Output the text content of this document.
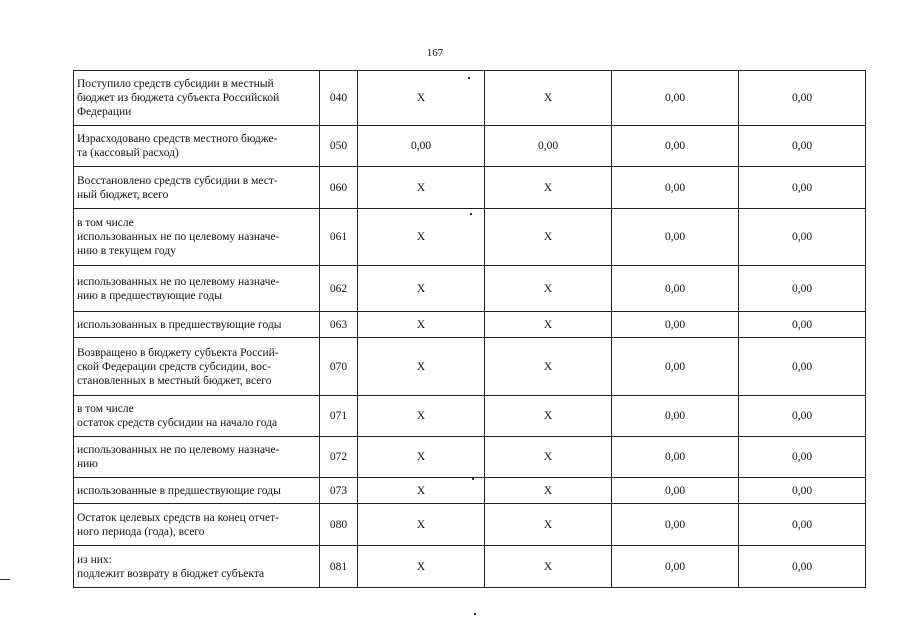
167
Поступило средств субсидии в местный
бюджет из бюджета субъекта Российской
Федерации	040	X	X	0,00	0,00
Израсходовано средств местного бюдже-
та (кассовый расход)	050	0,00	0,00	0,00	0,00
Восстановлено средств субсидии в мест-
ный бюджет, всего	060	X	X	0,00	0,00
в том числе
использованных не по целевому назначе-
нию в текущем году	061	X	X	0,00	0,00
использованных не по целевому назначе-
нию в предшествующие годы	062	X	X	0,00	0,00
использованных в предшествующие годы	063	X	X	0,00	0,00
Возвращено в бюджету субъекта Россий-
ской Федерации средств субсидии, вос-
становленных в местный бюджет, всего	070	X	X	0,00	0,00
в том числе
остаток средств субсидии на начало года	071	X	X	0,00	0,00
использованных не по целевому назначе-
нию	072	X	X	0,00	0,00
использованные в предшествующие годы	073	X	X	0,00	0,00
Остаток целевых средств на конец отчет-
ного периода (года), всего	080	X	X	0,00	0,00
из них:
подлежит возврату в бюджет субъекта	081	X	X	0,00	0,00
